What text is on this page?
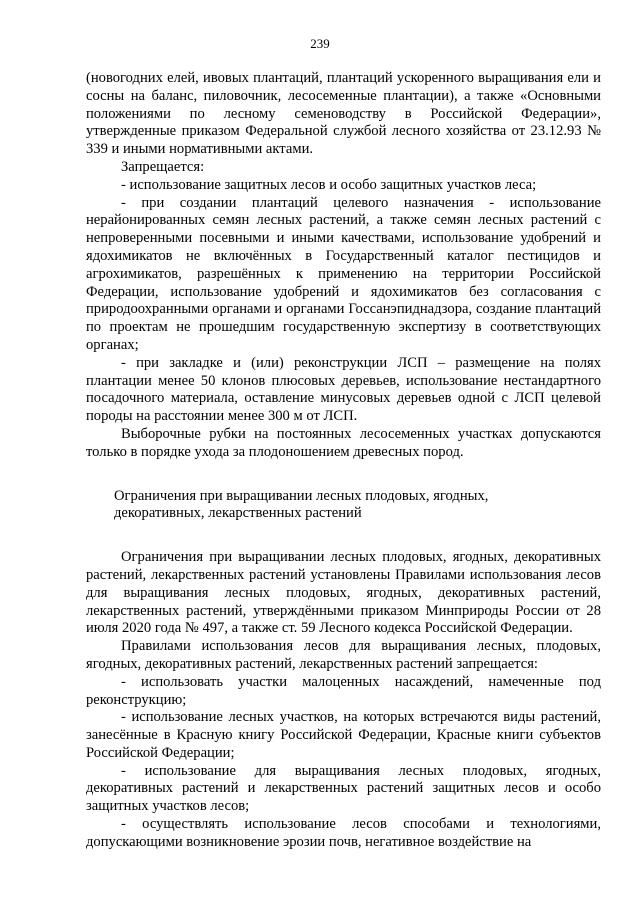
239

(новогодних елей, ивовых плантаций, плантаций ускоренного выращивания ели и сосны на баланс, пиловочник, лесосеменные плантации), а также «Основными положениями по лесному семеноводству в Российской Федерации», утвержденные приказом Федеральной службой лесного хозяйства от 23.12.93 № 339 и иными нормативными актами.

Запрещается:

- использование защитных лесов и особо защитных участков леса;

- при создании плантаций целевого назначения - использование нерайонированных семян лесных растений, а также семян лесных растений с непроверенными посевными и иными качествами, использование удобрений и ядохимикатов не включённых в Государственный каталог пестицидов и агрохимикатов, разрешённых к применению на территории Российской Федерации, использование удобрений и ядохимикатов без согласования с природоохранными органами и органами Госсанэпиднадзора, создание плантаций по проектам не прошедшим государственную экспертизу в соответствующих органах;

- при закладке и (или) реконструкции ЛСП – размещение на полях плантации менее 50 клонов плюсовых деревьев, использование нестандартного посадочного материала, оставление минусовых деревьев одной с ЛСП целевой породы на расстоянии менее 300 м от ЛСП.

Выборочные рубки на постоянных лесосеменных участках допускаются только в порядке ухода за плодоношением древесных пород.

Ограничения при выращивании лесных плодовых, ягодных,

декоративных, лекарственных растений

Ограничения при выращивании лесных плодовых, ягодных, декоративных растений, лекарственных растений установлены Правилами использования лесов для выращивания лесных плодовых, ягодных, декоративных растений, лекарственных растений, утверждёнными приказом Минприроды России от 28 июля 2020 года № 497, а также ст. 59 Лесного кодекса Российской Федерации.

Правилами использования лесов для выращивания лесных, плодовых, ягодных, декоративных растений, лекарственных растений запрещается:

- использовать участки малоценных насаждений, намеченные под реконструкцию;

- использование лесных участков, на которых встречаются виды растений, занесённые в Красную книгу Российской Федерации, Красные книги субъектов Российской Федерации;

- использование для выращивания лесных плодовых, ягодных, декоративных растений и лекарственных растений защитных лесов и особо защитных участков лесов;

- осуществлять использование лесов способами и технологиями, допускающими возникновение эрозии почв, негативное воздействие на
